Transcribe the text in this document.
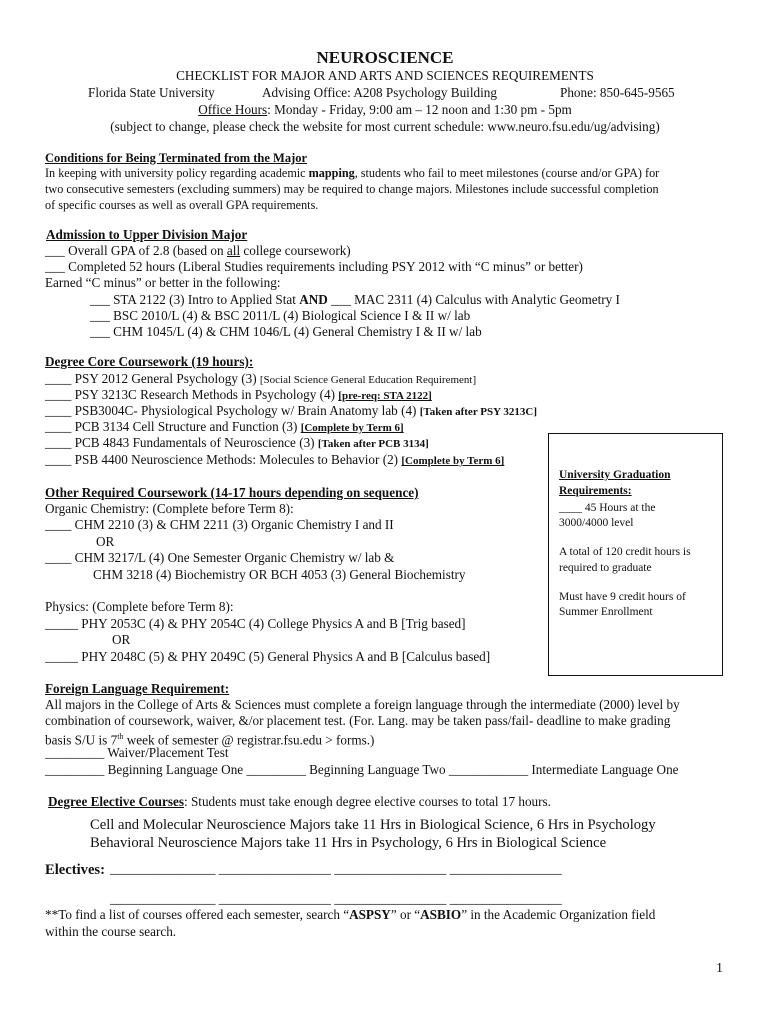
NEUROSCIENCE
CHECKLIST FOR MAJOR AND ARTS AND SCIENCES REQUIREMENTS
Florida State University	Advising Office: A208 Psychology Building	Phone: 850-645-9565
Office Hours: Monday - Friday, 9:00 am – 12 noon and 1:30 pm - 5pm
(subject to change, please check the website for most current schedule: www.neuro.fsu.edu/ug/advising)
Conditions for Being Terminated from the Major
In keeping with university policy regarding academic mapping, students who fail to meet milestones (course and/or GPA) for
two consecutive semesters (excluding summers) may be required to change majors. Milestones include successful completion
of specific courses as well as overall GPA requirements.
Admission to Upper Division Major
___ Overall GPA of 2.8 (based on all college coursework)
___ Completed 52 hours (Liberal Studies requirements including PSY 2012 with “C minus” or better)
Earned “C minus” or better in the following:
___ STA 2122 (3) Intro to Applied Stat AND ___ MAC 2311 (4) Calculus with Analytic Geometry I
___ BSC 2010/L (4) & BSC 2011/L (4) Biological Science I & II w/ lab
___ CHM 1045/L (4) & CHM 1046/L (4) General Chemistry I & II w/ lab
Degree Core Coursework (19 hours):
____ PSY 2012 General Psychology (3) [Social Science General Education Requirement]
____ PSY 3213C Research Methods in Psychology (4) [pre-req: STA 2122]
____ PSB3004C- Physiological Psychology w/ Brain Anatomy lab (4) [Taken after PSY 3213C]
____ PCB 3134 Cell Structure and Function (3) [Complete by Term 6]
____ PCB 4843 Fundamentals of Neuroscience (3) [Taken after PCB 3134]
____ PSB 4400 Neuroscience Methods: Molecules to Behavior (2) [Complete by Term 6]
University Graduation
Requirements:
____ 45 Hours at the
3000/4000 level
A total of 120 credit hours is
required to graduate
Must have 9 credit hours of
Summer Enrollment
Other Required Coursework (14-17 hours depending on sequence)
Organic Chemistry: (Complete before Term 8):
____ CHM 2210 (3) & CHM 2211 (3) Organic Chemistry I and II
OR
____ CHM 3217/L (4) One Semester Organic Chemistry w/ lab &
CHM 3218 (4) Biochemistry OR BCH 4053 (3) General Biochemistry
Physics: (Complete before Term 8):
_____ PHY 2053C (4) & PHY 2054C (4) College Physics A and B [Trig based]
OR
_____ PHY 2048C (5) & PHY 2049C (5) General Physics A and B [Calculus based]
Foreign Language Requirement:
All majors in the College of Arts & Sciences must complete a foreign language through the intermediate (2000) level by
combination of coursework, waiver, &/or placement test. (For. Lang. may be taken pass/fail- deadline to make grading
basis S/U is 7th week of semester @ registrar.fsu.edu > forms.)
_________ Waiver/Placement Test
_________ Beginning Language One _________ Beginning Language Two ____________ Intermediate Language One
Degree Elective Courses: Students must take enough degree elective courses to total 17 hours.
Cell and Molecular Neuroscience Majors take 11 Hrs in Biological Science, 6 Hrs in Psychology
Behavioral Neuroscience Majors take 11 Hrs in Psychology, 6 Hrs in Biological Science
Electives: ________________ _________________ _________________ _________________
________________ _________________ _________________ _________________
**To find a list of courses offered each semester, search “ASPSY” or “ASBIO” in the Academic Organization field
within the course search.
1
